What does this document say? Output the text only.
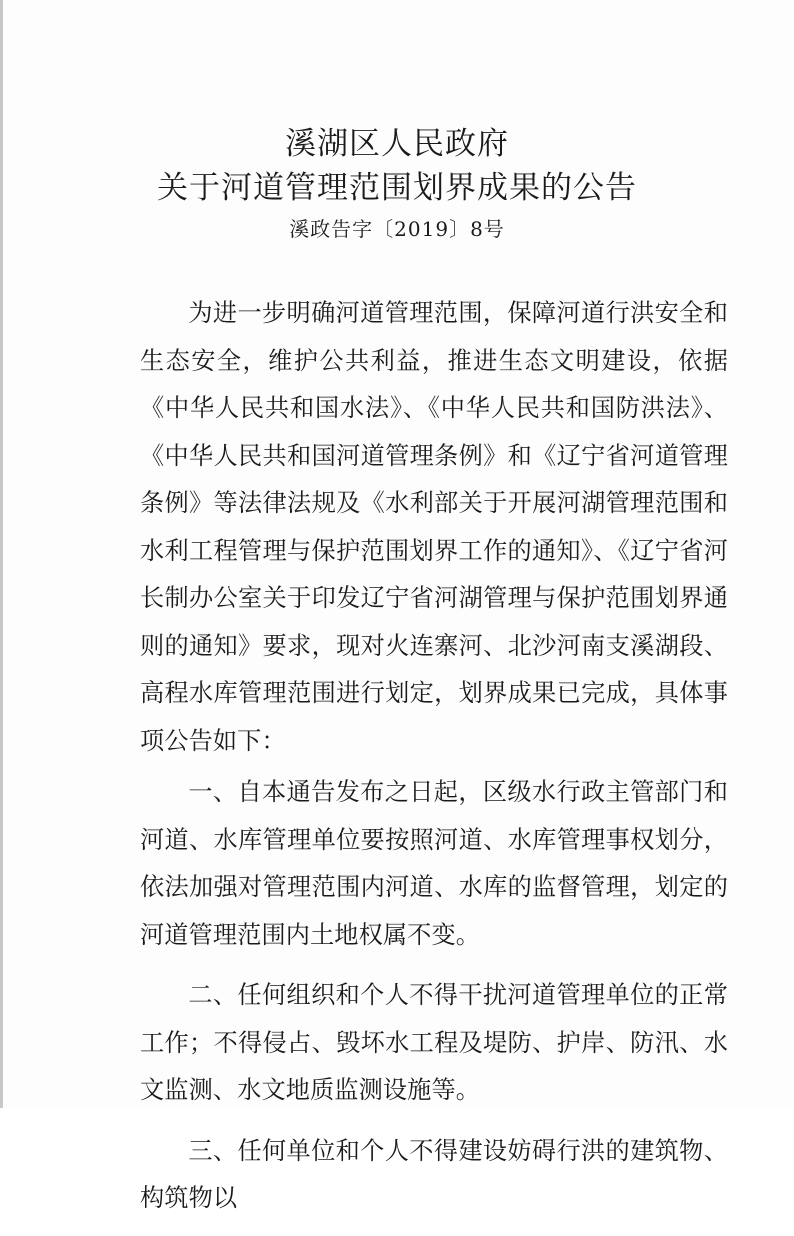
溪湖区人民政府
关于河道管理范围划界成果的公告
溪政告字〔2019〕8号

为进一步明确河道管理范围，保障河道行洪安全和生态安全，维护公共利益，推进生态文明建设，依据《中华人民共和国水法》、《中华人民共和国防洪法》、《中华人民共和国河道管理条例》和《辽宁省河道管理条例》等法律法规及《水利部关于开展河湖管理范围和水利工程管理与保护范围划界工作的通知》、《辽宁省河长制办公室关于印发辽宁省河湖管理与保护范围划界通则的通知》要求，现对火连寨河、北沙河南支溪湖段、高程水库管理范围进行划定，划界成果已完成，具体事项公告如下：

一、自本通告发布之日起，区级水行政主管部门和河道、水库管理单位要按照河道、水库管理事权划分，依法加强对管理范围内河道、水库的监督管理，划定的河道管理范围内土地权属不变。

二、任何组织和个人不得干扰河道管理单位的正常工作；不得侵占、毁坏水工程及堤防、护岸、防汛、水文监测、水文地质监测设施等。

三、任何单位和个人不得建设妨碍行洪的建筑物、构筑物以
